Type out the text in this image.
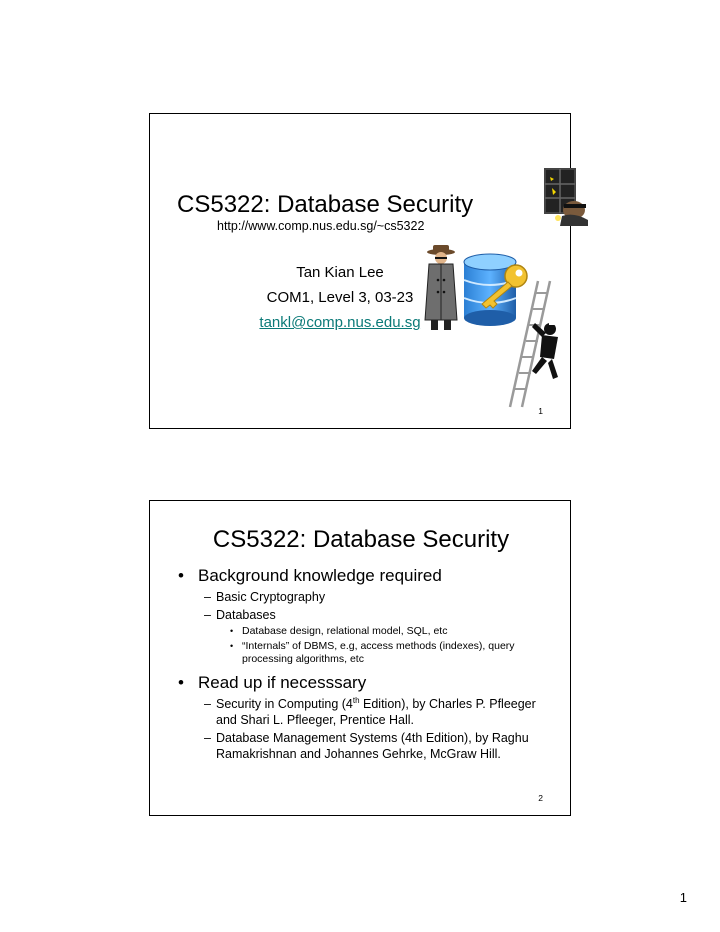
CS5322: Database Security
http://www.comp.nus.edu.sg/~cs5322
Tan Kian Lee
COM1, Level 3, 03-23
tankl@comp.nus.edu.sg
1
CS5322: Database Security
• Background knowledge required
– Basic Cryptography
– Databases
• Database design, relational model, SQL, etc
• “Internals” of DBMS, e.g, access methods (indexes), query processing algorithms, etc
• Read up if necesssary
– Security in Computing (4th Edition), by Charles P. Pfleeger and Shari L. Pfleeger, Prentice Hall.
– Database Management Systems (4th Edition), by Raghu Ramakrishnan and Johannes Gehrke, McGraw Hill.
2
1
